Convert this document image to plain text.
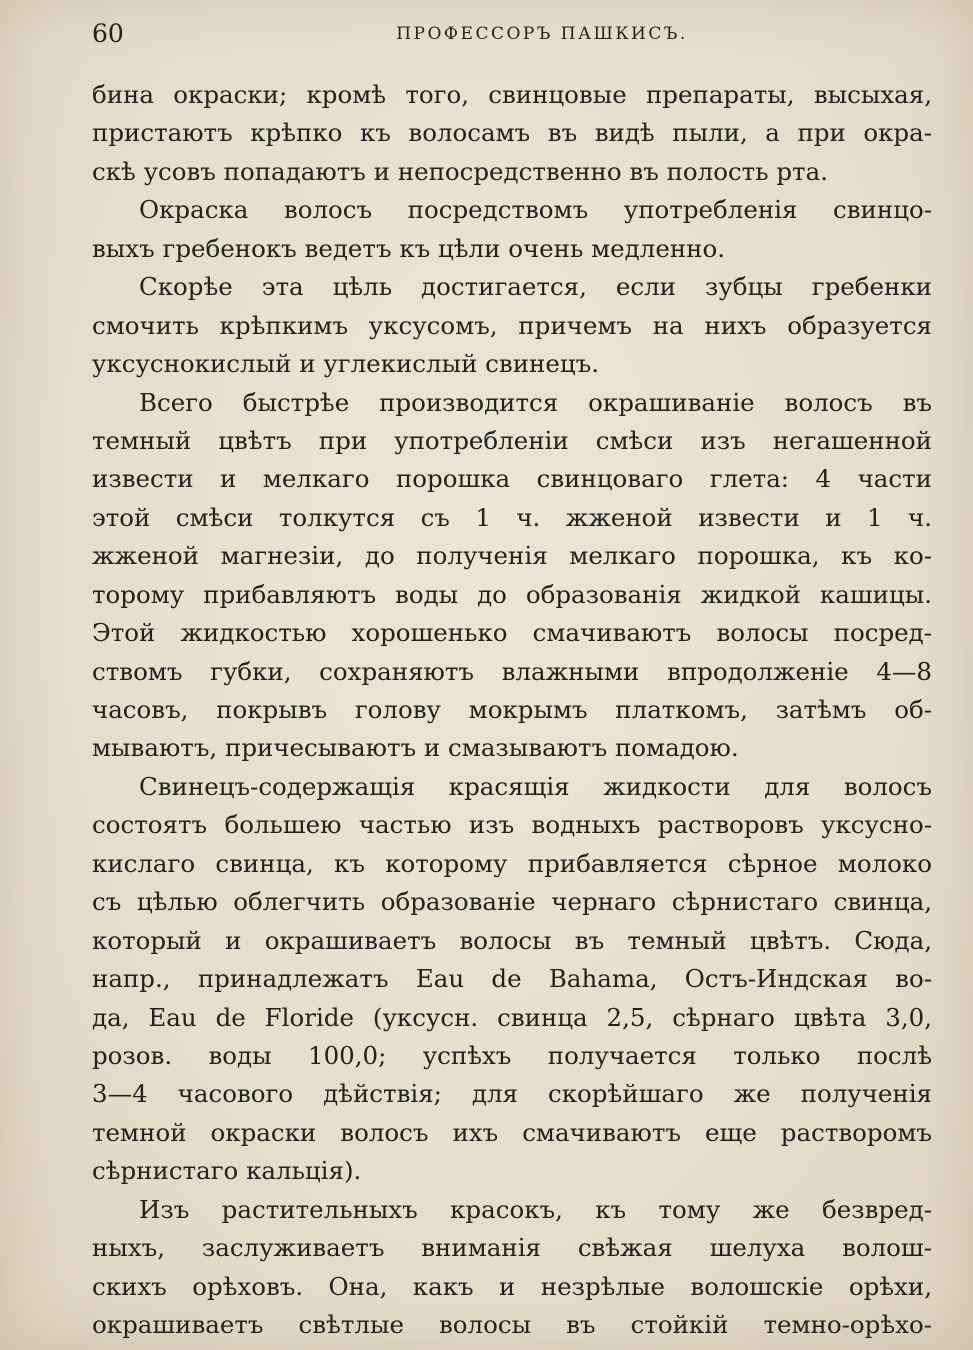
60	ПРОФЕССОРЪ ПАШКИСЪ.
бина окраски; кромѣ того, свинцовые препараты, высыхая,
пристаютъ крѣпко къ волосамъ въ видѣ пыли, а при окра-
скѣ усовъ попадаютъ и непосредственно въ полость рта.
Окраска волосъ посредствомъ употребленія свинцо-
выхъ гребенокъ ведетъ къ цѣли очень медленно.
Скорѣе эта цѣль достигается, если зубцы гребенки
смочить крѣпкимъ уксусомъ, причемъ на нихъ образуется
уксуснокислый и углекислый свинецъ.
Всего быстрѣе производится окрашиваніе волосъ въ
темный цвѣтъ при употребленіи смѣси изъ негашенной
извести и мелкаго порошка свинцоваго глета: 4 части
этой смѣси толкутся съ 1 ч. жженой извести и 1 ч.
жженой магнезіи, до полученія мелкаго порошка, къ ко-
торому прибавляютъ воды до образованія жидкой кашицы.
Этой жидкостью хорошенько смачиваютъ волосы посред-
ствомъ губки, сохраняютъ влажными впродолженіе 4—8
часовъ, покрывъ голову мокрымъ платкомъ, затѣмъ об-
мываютъ, причесываютъ и смазываютъ помадою.
Свинецъ-содержащія красящія жидкости для волосъ
состоятъ большею частью изъ водныхъ растворовъ уксусно-
кислаго свинца, къ которому прибавляется сѣрное молоко
съ цѣлью облегчить образованіе чернаго сѣрнистаго свинца,
который и окрашиваетъ волосы въ темный цвѣтъ. Сюда,
напр., принадлежатъ Eau de Bahama, Остъ-Индская во-
да, Eau de Floride (уксусн. свинца 2,5, сѣрнаго цвѣта 3,0,
розов. воды 100,0; успѣхъ получается только послѣ
3—4 часового дѣйствія; для скорѣйшаго же полученія
темной окраски волосъ ихъ смачиваютъ еще растворомъ
сѣрнистаго кальція).
Изъ растительныхъ красокъ, къ тому же безвред-
ныхъ, заслуживаетъ вниманія свѣжая шелуха волош-
скихъ орѣховъ. Она, какъ и незрѣлые волошскіе орѣхи,
окрашиваетъ свѣтлые волосы въ стойкій темно-орѣхо-
